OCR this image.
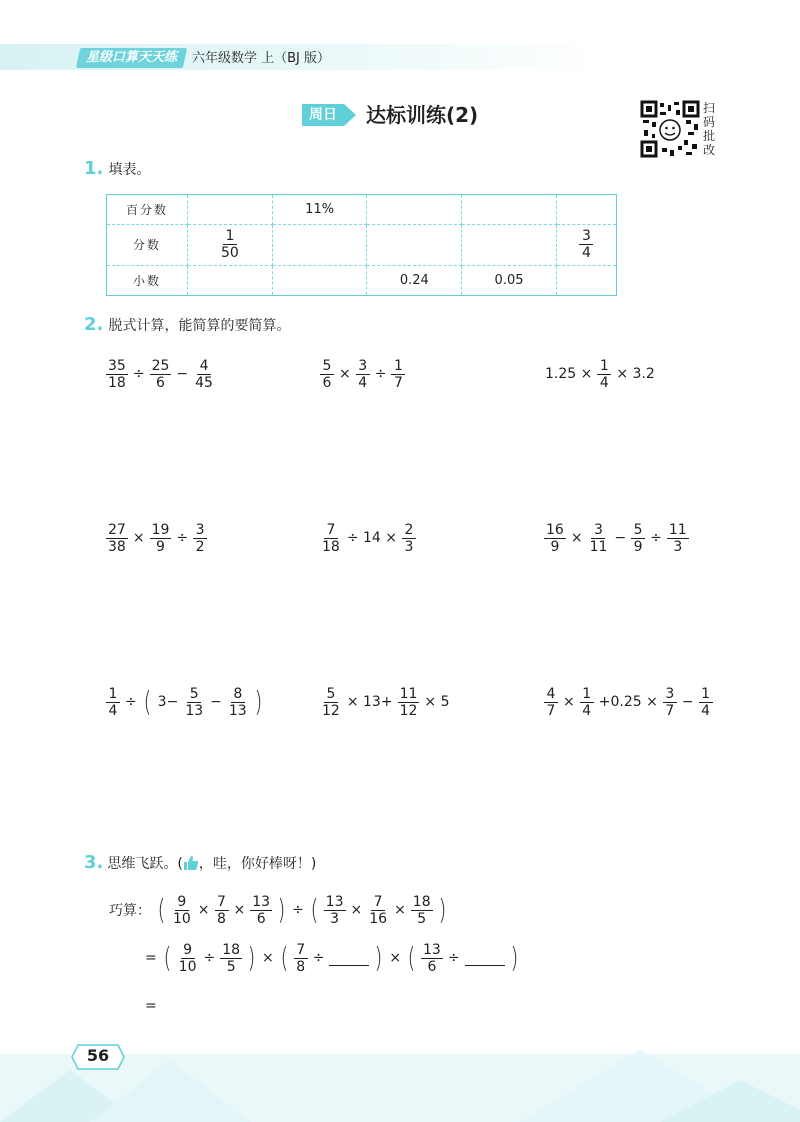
星级口算天天练	六年级数学 上（BJ 版）
周日	达标训练(2)	扫码批改
1. 填表。
百分数		11%			
分数	$\frac{1}{50}$				$\frac{3}{4}$

小数			0.24	0.05	
2. 脱式计算，能简算的要简算。
$\frac{35}{18} \div \frac{25}{6} - \frac{4}{45}$	$\frac{5}{6} \times \frac{3}{4} \div \frac{1}{7}$	$1.25 \times \frac{1}{4} \times 3.2$
$\frac{27}{38} \times \frac{19}{9} \div \frac{3}{2}$	$\frac{7}{18} \div 14 \times \frac{2}{3}$	$\frac{16}{9} \times \frac{3}{11} - \frac{5}{9} \div \frac{11}{3}$
$\frac{1}{4}$ ÷ ( $3- \frac{5}{13} - \frac{8}{13}$ )	$\frac{5}{12} \times 13+ \frac{11}{12} \times 5$	$\frac{4}{7} \times \frac{1}{4} +0.25 \times \frac{3}{7} - \frac{1}{4}$
3. 思维飞跃。( ，哇，你好棒呀！)
巧算： ( $\frac{9}{10} \times \frac{7}{8} \times \frac{13}{6}$ ) ÷ ( $\frac{13}{3} \times \frac{7}{16} \times \frac{18}{5}$ )
= ( $\frac{9}{10} \div \frac{18}{5}$ ) × ( $\frac{7}{8}$ ÷ ) × ( $\frac{13}{6}$ ÷ )
=
56
